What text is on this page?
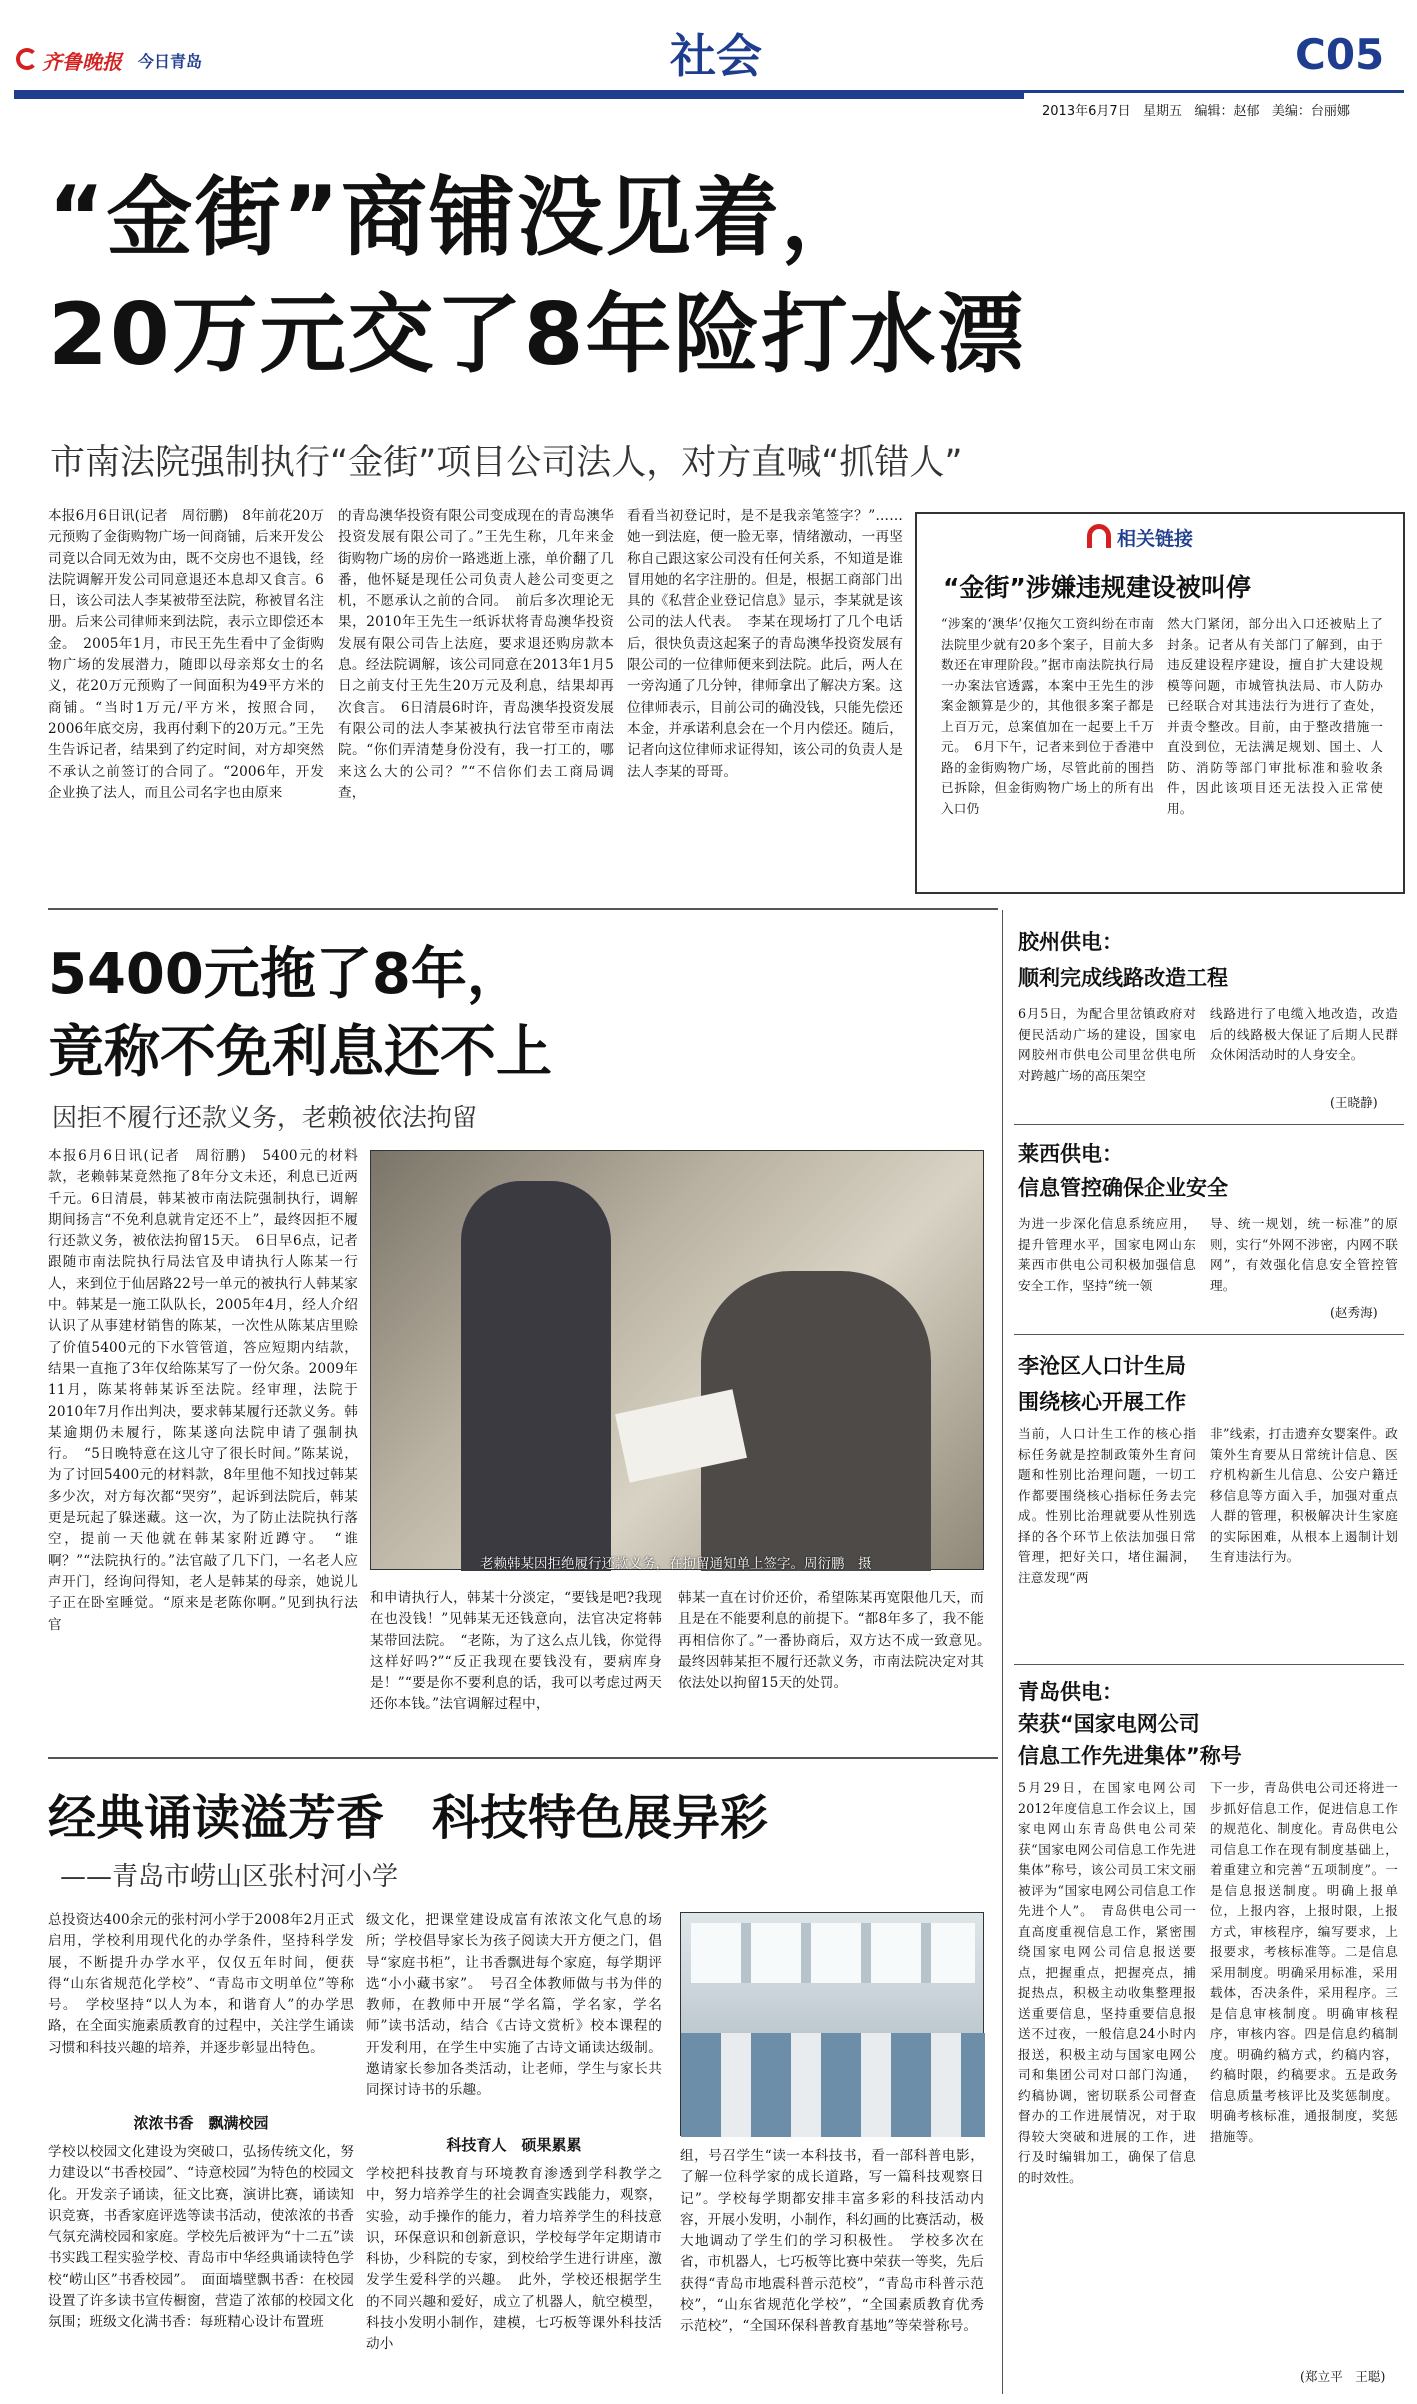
齐鲁晚报 今日青岛	社会	C05
2013年6月7日 星期五 编辑：赵郁 美编：台丽娜
“金街”商铺没见着，
20万元交了8年险打水漂
市南法院强制执行“金街”项目公司法人，对方直喊“抓错人”
本报6月6日讯(记者　周衍鹏)　8年前花20万元预购了金街购物广场一间商铺，后来开发公司竟以合同无效为由，既不交房也不退钱，经法院调解开发公司同意退还本息却又食言。6日，该公司法人李某被带至法院，称被冒名注册。后来公司律师来到法院，表示立即偿还本金。　2005年1月，市民王先生看中了金街购物广场的发展潜力，随即以母亲郑女士的名义，花20万元预购了一间面积为49平方米的商铺。“当时1万元/平方米，按照合同，2006年底交房，我再付剩下的20万元。”王先生告诉记者，结果到了约定时间，对方却突然不承认之前签订的合同了。“2006年，开发企业换了法人，而且公司名字也由原来
的青岛澳华投资有限公司变成现在的青岛澳华投资发展有限公司了。”王先生称，几年来金街购物广场的房价一路逃逝上涨，单价翻了几番，他怀疑是现任公司负责人趁公司变更之机，不愿承认之前的合同。　前后多次理论无果，2010年王先生一纸诉状将青岛澳华投资发展有限公司告上法庭，要求退还购房款本息。经法院调解，该公司同意在2013年1月5日之前支付王先生20万元及利息，结果却再次食言。　6日清晨6时许，青岛澳华投资发展有限公司的法人李某被执行法官带至市南法院。“你们弄清楚身份没有，我一打工的，哪来这么大的公司？”“不信你们去工商局调查，
看看当初登记时，是不是我亲笔签字？”……她一到法庭，便一脸无辜，情绪激动，一再坚称自己跟这家公司没有任何关系，不知道是谁冒用她的名字注册的。但是，根据工商部门出具的《私营企业登记信息》显示，李某就是该公司的法人代表。　李某在现场打了几个电话后，很快负责这起案子的青岛澳华投资发展有限公司的一位律师便来到法院。此后，两人在一旁沟通了几分钟，律师拿出了解决方案。这位律师表示，目前公司的确没钱，只能先偿还本金，并承诺利息会在一个月内偿还。随后，记者向这位律师求证得知，该公司的负责人是法人李某的哥哥。
相关链接
“金街”涉嫌违规建设被叫停
“涉案的‘澳华’仅拖欠工资纠纷在市南法院里少就有20多个案子，目前大多数还在审理阶段。”据市南法院执行局一办案法官透露，本案中王先生的涉案金额算是少的，其他很多案子都是上百万元，总案值加在一起要上千万元。　6月下午，记者来到位于香港中路的金街购物广场，尽管此前的围挡已拆除，但金街购物广场上的所有出入口仍
然大门紧闭，部分出入口还被贴上了封条。记者从有关部门了解到，由于违反建设程序建设，擅自扩大建设规模等问题，市城管执法局、市人防办已经联合对其违法行为进行了查处，并责令整改。目前，由于整改措施一直没到位，无法满足规划、国土、人防、消防等部门审批标准和验收条件，因此该项目还无法投入正常使用。
5400元拖了8年，
竟称不免利息还不上
因拒不履行还款义务，老赖被依法拘留
本报6月6日讯(记者　周衍鹏)　5400元的材料款，老赖韩某竟然拖了8年分文未还，利息已近两千元。6日清晨，韩某被市南法院强制执行，调解期间扬言“不免利息就肯定还不上”，最终因拒不履行还款义务，被依法拘留15天。　6日早6点，记者跟随市南法院执行局法官及申请执行人陈某一行人，来到位于仙居路22号一单元的被执行人韩某家中。韩某是一施工队队长，2005年4月，经人介绍认识了从事建材销售的陈某，一次性从陈某店里赊了价值5400元的下水管管道，答应短期内结款，结果一直拖了3年仅给陈某写了一份欠条。2009年11月，陈某将韩某诉至法院。经审理，法院于2010年7月作出判决，要求韩某履行还款义务。韩某逾期仍未履行，陈某遂向法院申请了强制执行。　“5日晚特意在这儿守了很长时间。”陈某说，为了讨回5400元的材料款，8年里他不知找过韩某多少次，对方每次都“哭穷”，起诉到法院后，韩某更是玩起了躲迷藏。这一次，为了防止法院执行落空，提前一天他就在韩某家附近蹲守。　“谁啊？”“法院执行的。”法官敲了几下门，一名老人应声开门，经询问得知，老人是韩某的母亲，她说儿子正在卧室睡觉。“原来是老陈你啊。”见到执行法官
老赖韩某因拒绝履行还款义务，在拘留通知单上签字。周衍鹏　摄
和申请执行人，韩某十分淡定，“要钱是吧?我现在也没钱！”见韩某无还钱意向，法官决定将韩某带回法院。　“老陈，为了这么点儿钱，你觉得这样好吗?”“反正我现在要钱没有，要病库身是！”“要是你不要利息的话，我可以考虑过两天还你本钱。”法官调解过程中，
韩某一直在讨价还价，希望陈某再宽限他几天，而且是在不能要利息的前提下。“都8年多了，我不能再相信你了。”一番协商后，双方达不成一致意见。　最终因韩某拒不履行还款义务，市南法院决定对其依法处以拘留15天的处罚。
经典诵读溢芳香　科技特色展异彩
——青岛市崂山区张村河小学
总投资达400余元的张村河小学于2008年2月正式启用，学校利用现代化的办学条件，坚持科学发展，不断提升办学水平，仅仅五年时间，便获得“山东省规范化学校”、“青岛市文明单位”等称号。　学校坚持“以人为本，和谐育人”的办学思路，在全面实施素质教育的过程中，关注学生诵读习惯和科技兴趣的培养，并逐步彰显出特色。
浓浓书香　飘满校园
学校以校园文化建设为突破口，弘扬传统文化，努力建设以“书香校园”、“诗意校园”为特色的校园文化。开发亲子诵读，征文比赛，演讲比赛，诵读知识竞赛，书香家庭评选等读书活动，使浓浓的书香气氛充满校园和家庭。学校先后被评为“十二五”读书实践工程实验学校、青岛市中华经典诵读特色学校“崂山区”书香校园”。　面面墙壁飘书香：在校园设置了许多读书宣传橱窗，营造了浓郁的校园文化氛围；班级文化满书香：每班精心设计布置班
级文化，把课堂建设成富有浓浓文化气息的场所；学校倡导家长为孩子阅读大开方便之门，倡导“家庭书柜”，让书香飘进每个家庭，每学期评选“小小藏书家”。　号召全体教师做与书为伴的教师，在教师中开展“学名篇，学名家，学名师”读书活动，结合《古诗文赏析》校本课程的开发利用，在学生中实施了古诗文诵读达级制。邀请家长参加各类活动，让老师，学生与家长共同探讨诗书的乐趣。
科技育人　硕果累累
学校把科技教育与环境教育渗透到学科教学之中，努力培养学生的社会调查实践能力，观察，实验，动手操作的能力，着力培养学生的科技意识，环保意识和创新意识，学校每学年定期请市科协，少科院的专家，到校给学生进行讲座，激发学生爱科学的兴趣。　此外，学校还根据学生的不同兴趣和爱好，成立了机器人，航空模型，科技小发明小制作，建模，七巧板等课外科技活动小
组，号召学生“读一本科技书，看一部科普电影，了解一位科学家的成长道路，写一篇科技观察日记”。学校每学期都安排丰富多彩的科技活动内容，开展小发明，小制作，科幻画的比赛活动，极大地调动了学生们的学习积极性。　学校多次在省，市机器人，七巧板等比赛中荣获一等奖，先后获得“青岛市地震科普示范校”，“青岛市科普示范校”，“山东省规范化学校”，“全国素质教育优秀示范校”，“全国环保科普教育基地”等荣誉称号。
胶州供电：
顺利完成线路改造工程
6月5日，为配合里岔镇政府对便民活动广场的建设，国家电网胶州市供电公司里岔供电所对跨越广场的高压架空
线路进行了电缆入地改造，改造后的线路极大保证了后期人民群众休闲活动时的人身安全。
(王晓静)
莱西供电：
信息管控确保企业安全
为进一步深化信息系统应用，提升管理水平，国家电网山东莱西市供电公司积极加强信息安全工作，坚持“统一领
导、统一规划，统一标准”的原则，实行“外网不涉密，内网不联网”，有效强化信息安全管控管理。
(赵秀海)
李沧区人口计生局
围绕核心开展工作
当前，人口计生工作的核心指标任务就是控制政策外生育问题和性别比治理问题，一切工作都要围绕核心指标任务去完成。性别比治理就要从性别选择的各个环节上依法加强日常管理，把好关口，堵住漏洞，注意发现“两
非”线索，打击遗弃女婴案件。政策外生育要从日常统计信息、医疗机构新生儿信息、公安户籍迁移信息等方面入手，加强对重点人群的管理，积极解决计生家庭的实际困难，从根本上遏制计划生育违法行为。
青岛供电：
荣获“国家电网公司
信息工作先进集体”称号
5月29日，在国家电网公司2012年度信息工作会议上，国家电网山东青岛供电公司荣获“国家电网公司信息工作先进集体”称号，该公司员工宋文丽被评为“国家电网公司信息工作先进个人”。　青岛供电公司一直高度重视信息工作，紧密围绕国家电网公司信息报送要点，把握重点，把握亮点，捕捉热点，积极主动收集整理报送重要信息，坚持重要信息报送不过夜，一般信息24小时内报送，积极主动与国家电网公司和集团公司对口部门沟通，约稿协调，密切联系公司督查督办的工作进展情况，对于取得较大突破和进展的工作，进行及时编辑加工，确保了信息的时效性。
下一步，青岛供电公司还将进一步抓好信息工作，促进信息工作的规范化、制度化。青岛供电公司信息工作在现有制度基础上，着重建立和完善“五项制度”。一是信息报送制度。明确上报单位，上报内容，上报时限，上报方式，审核程序，编写要求，上报要求，考核标准等。二是信息采用制度。明确采用标准，采用载体，否决条件，采用程序。三是信息审核制度。明确审核程序，审核内容。四是信息约稿制度。明确约稿方式，约稿内容，约稿时限，约稿要求。五是政务信息质量考核评比及奖惩制度。明确考核标准，通报制度，奖惩措施等。
(郑立平　王聪)
